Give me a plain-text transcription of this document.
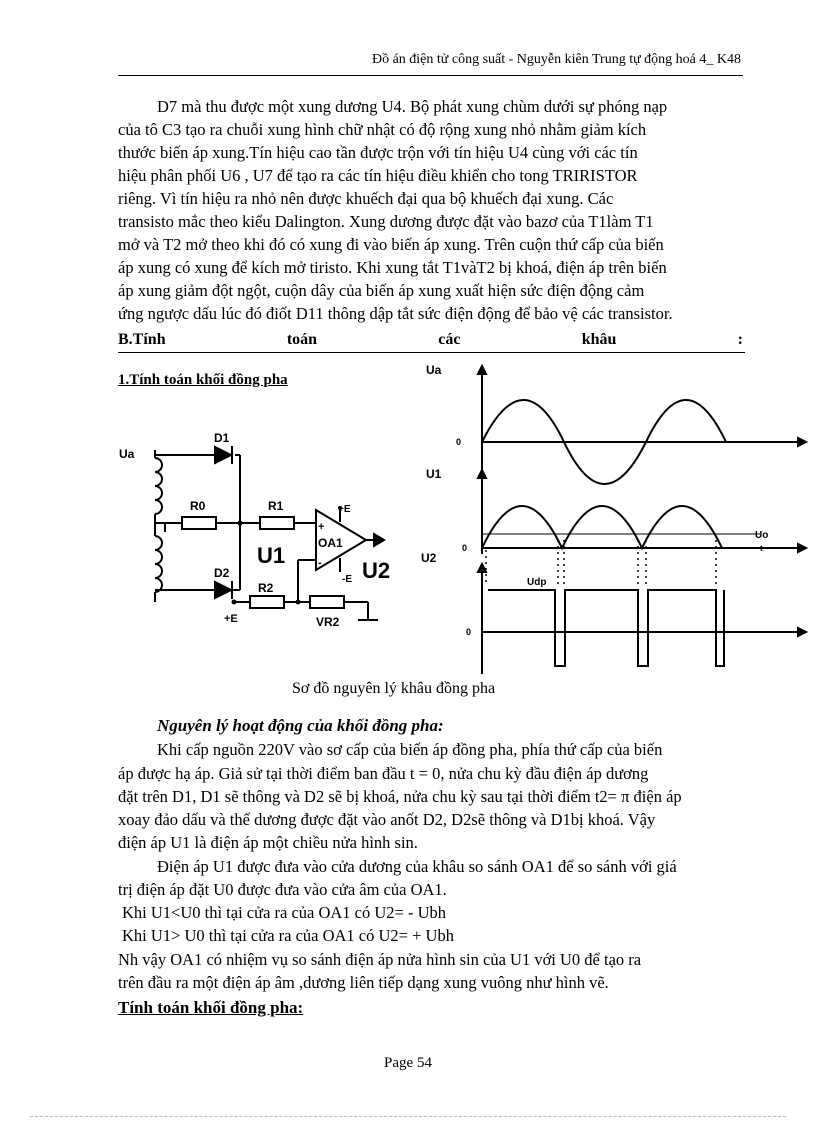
Đồ án điện tử công suất - Nguyễn kiên Trung tự động hoá 4_ K48
D7 mà thu được một xung dương U4. Bộ phát xung chùm dưới sự phóng nạp
của tô C3 tạo ra chuỗi xung hình chữ nhật có độ rộng xung nhỏ nhằm giảm kích
thước biến áp xung.Tín hiệu cao tần được trộn với tín hiệu U4 cùng với các tín
hiệu phân phối U6 , U7 để tạo ra các tín hiệu điều khiển cho tong TRIRISTOR
riêng. Vì tín hiệu ra nhỏ nên được khuếch đại qua bộ khuếch đại xung. Các
transisto mắc theo kiểu Dalington. Xung dương được đặt vào bazơ của T1làm T1
mở và T2 mở theo khi đó có xung đi vào biến áp xung. Trên cuộn thứ cấp của biến
áp xung có xung để kích mở tiristo. Khi xung tắt T1vàT2 bị khoá, điện áp trên biến
áp xung giảm đột ngột, cuộn dây của biến áp xung xuất hiện sức điện động cảm
ứng ngược dấu lúc đó điốt D11 thông dập tắt sức điện động để bảo vệ các transistor.
B.Tính	toán	các	khâu	:
1.Tính toán khối đồng pha
Ua
D1
R0	R1
D2
R2
VR2
U1
U2
OA1
+E
-E
+E
+
-
Ua
U1
U2
0
0
0
Uo
t
Udp
Sơ đồ nguyên lý khâu đồng pha
Nguyên lý hoạt động của khối đồng pha:
Khi cấp nguồn 220V vào sơ cấp của biến áp đồng pha, phía thứ cấp của biến
áp được hạ áp. Giả sử tại thời điểm ban đầu t = 0, nửa chu kỳ đầu điện áp dương
đặt trên D1, D1 sẽ thông và D2 sẽ bị khoá, nửa chu kỳ sau tại thời điểm t2= π điện áp
xoay đảo dấu và thế dương được đặt vào anốt D2, D2sẽ thông và D1bị khoá. Vậy
điện áp U1 là điện áp một chiều nửa hình sin.
Điện áp U1 được đưa vào cửa dương của khâu so sánh OA1 để so sánh với giá
trị điện áp đặt U0 được đưa vào cửa âm của OA1.
Khi U1<U0 thì tại cửa ra của OA1 có U2= - Ubh
Khi U1> U0 thì tại cửa ra của OA1 có U2= + Ubh
Nh vậy OA1 có nhiệm vụ so sánh điện áp nửa hình sin của U1 với U0 để tạo ra
trên đầu ra một điện áp âm ,dương liên tiếp dạng xung vuông như hình vẽ.
Tính toán khối đồng pha:
Page 54
